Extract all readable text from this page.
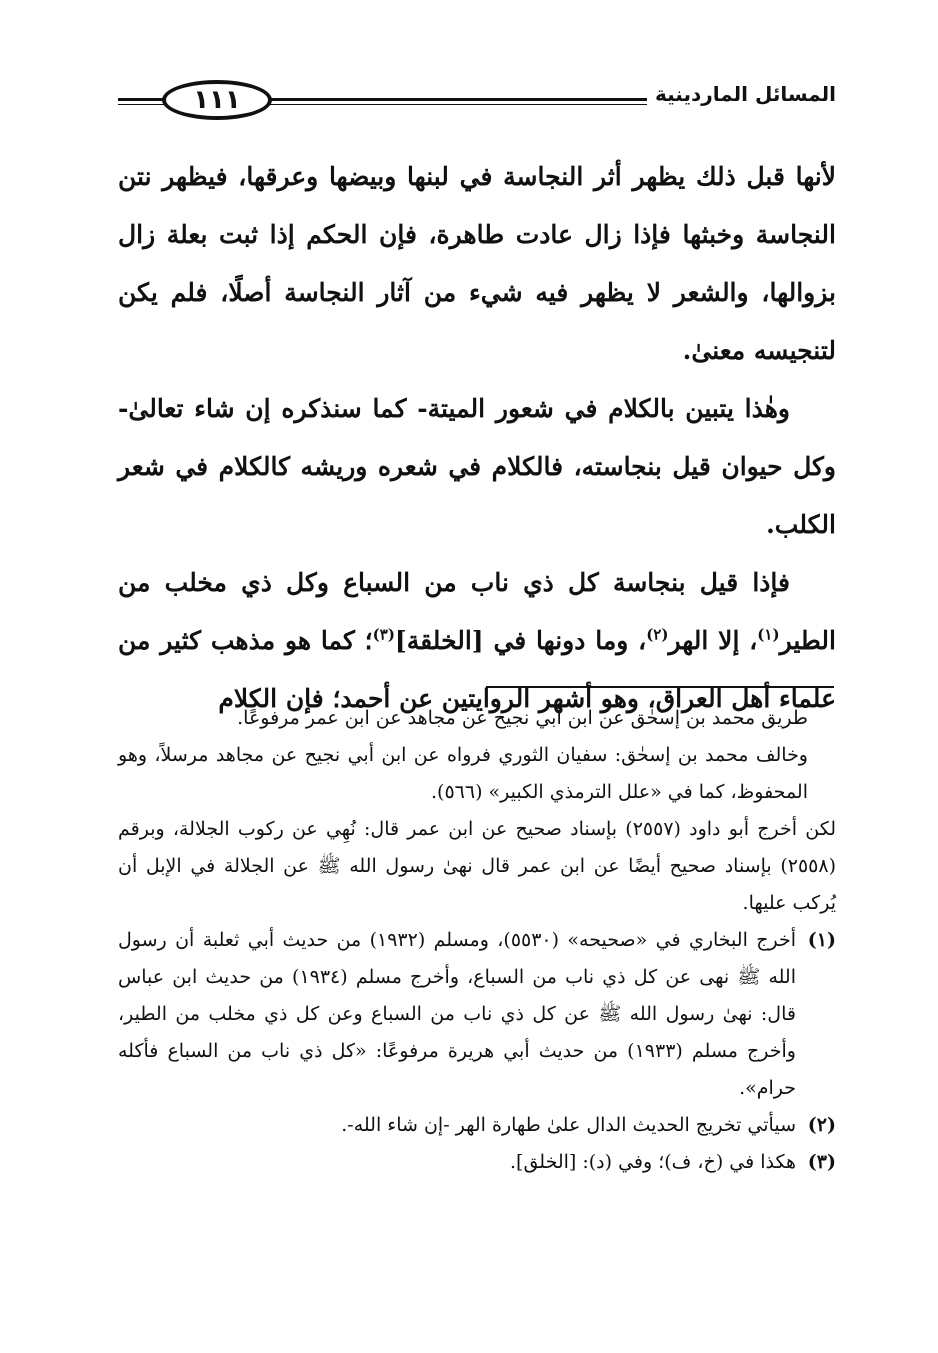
١١١	المسائل الماردينية

لأنها قبل ذلك يظهر أثر النجاسة في لبنها وبيضها وعرقها، فيظهر نتن النجاسة وخبثها فإذا زال عادت طاهرة، فإن الحكم إذا ثبت بعلة زال بزوالها، والشعر لا يظهر فيه شيء من آثار النجاسة أصلًا، فلم يكن لتنجيسه معنىٰ.

وهٰذا يتبين بالكلام في شعور الميتة- كما سنذكره إن شاء تعالىٰ- وكل حيوان قيل بنجاسته، فالكلام في شعره وريشه كالكلام في شعر الكلب.

فإذا قيل بنجاسة كل ذي ناب من السباع وكل ذي مخلب من الطير$^{(١)}$، إلا الهر$^{(٢)}$، وما دونها في [الخلقة]$^{(٣)}$؛ كما هو مذهب كثير من علماء أهل العراق، وهو أشهر الروايتين عن أحمد؛ فإن الكلام

طريق محمد بن إسحٰق عن ابن أبي نجيح عن مجاهد عن ابن عمر مرفوعًا.

وخالف محمد بن إسحٰق: سفيان الثوري فرواه عن ابن أبي نجيح عن مجاهد مرسلاً، وهو المحفوظ، كما في «علل الترمذي الكبير» (٥٦٦).

لكن أخرج أبو داود (٢٥٥٧) بإسناد صحيح عن ابن عمر قال: نُهِي عن ركوب الجلالة، وبرقم (٢٥٥٨) بإسناد صحيح أيضًا عن ابن عمر قال نهىٰ رسول الله ﷺ عن الجلالة في الإبل أن يُركب عليها.

(١)
أخرج البخاري في «صحيحه» (٥٥٣٠)، ومسلم (١٩٣٢) من حديث أبي ثعلبة أن رسول الله ﷺ نهى عن كل ذي ناب من السباع، وأخرج مسلم (١٩٣٤) من حديث ابن عباس قال: نهىٰ رسول الله ﷺ عن كل ذي ناب من السباع وعن كل ذي مخلب من الطير، وأخرج مسلم (١٩٣٣) من حديث أبي هريرة مرفوعًا: «كل ذي ناب من السباع فأكله حرام».
(٢)
سيأتي تخريج الحديث الدال علىٰ طهارة الهر -إن شاء الله-.
(٣)
هكذا في (خ، ف)؛ وفي (د): [الخلق].
